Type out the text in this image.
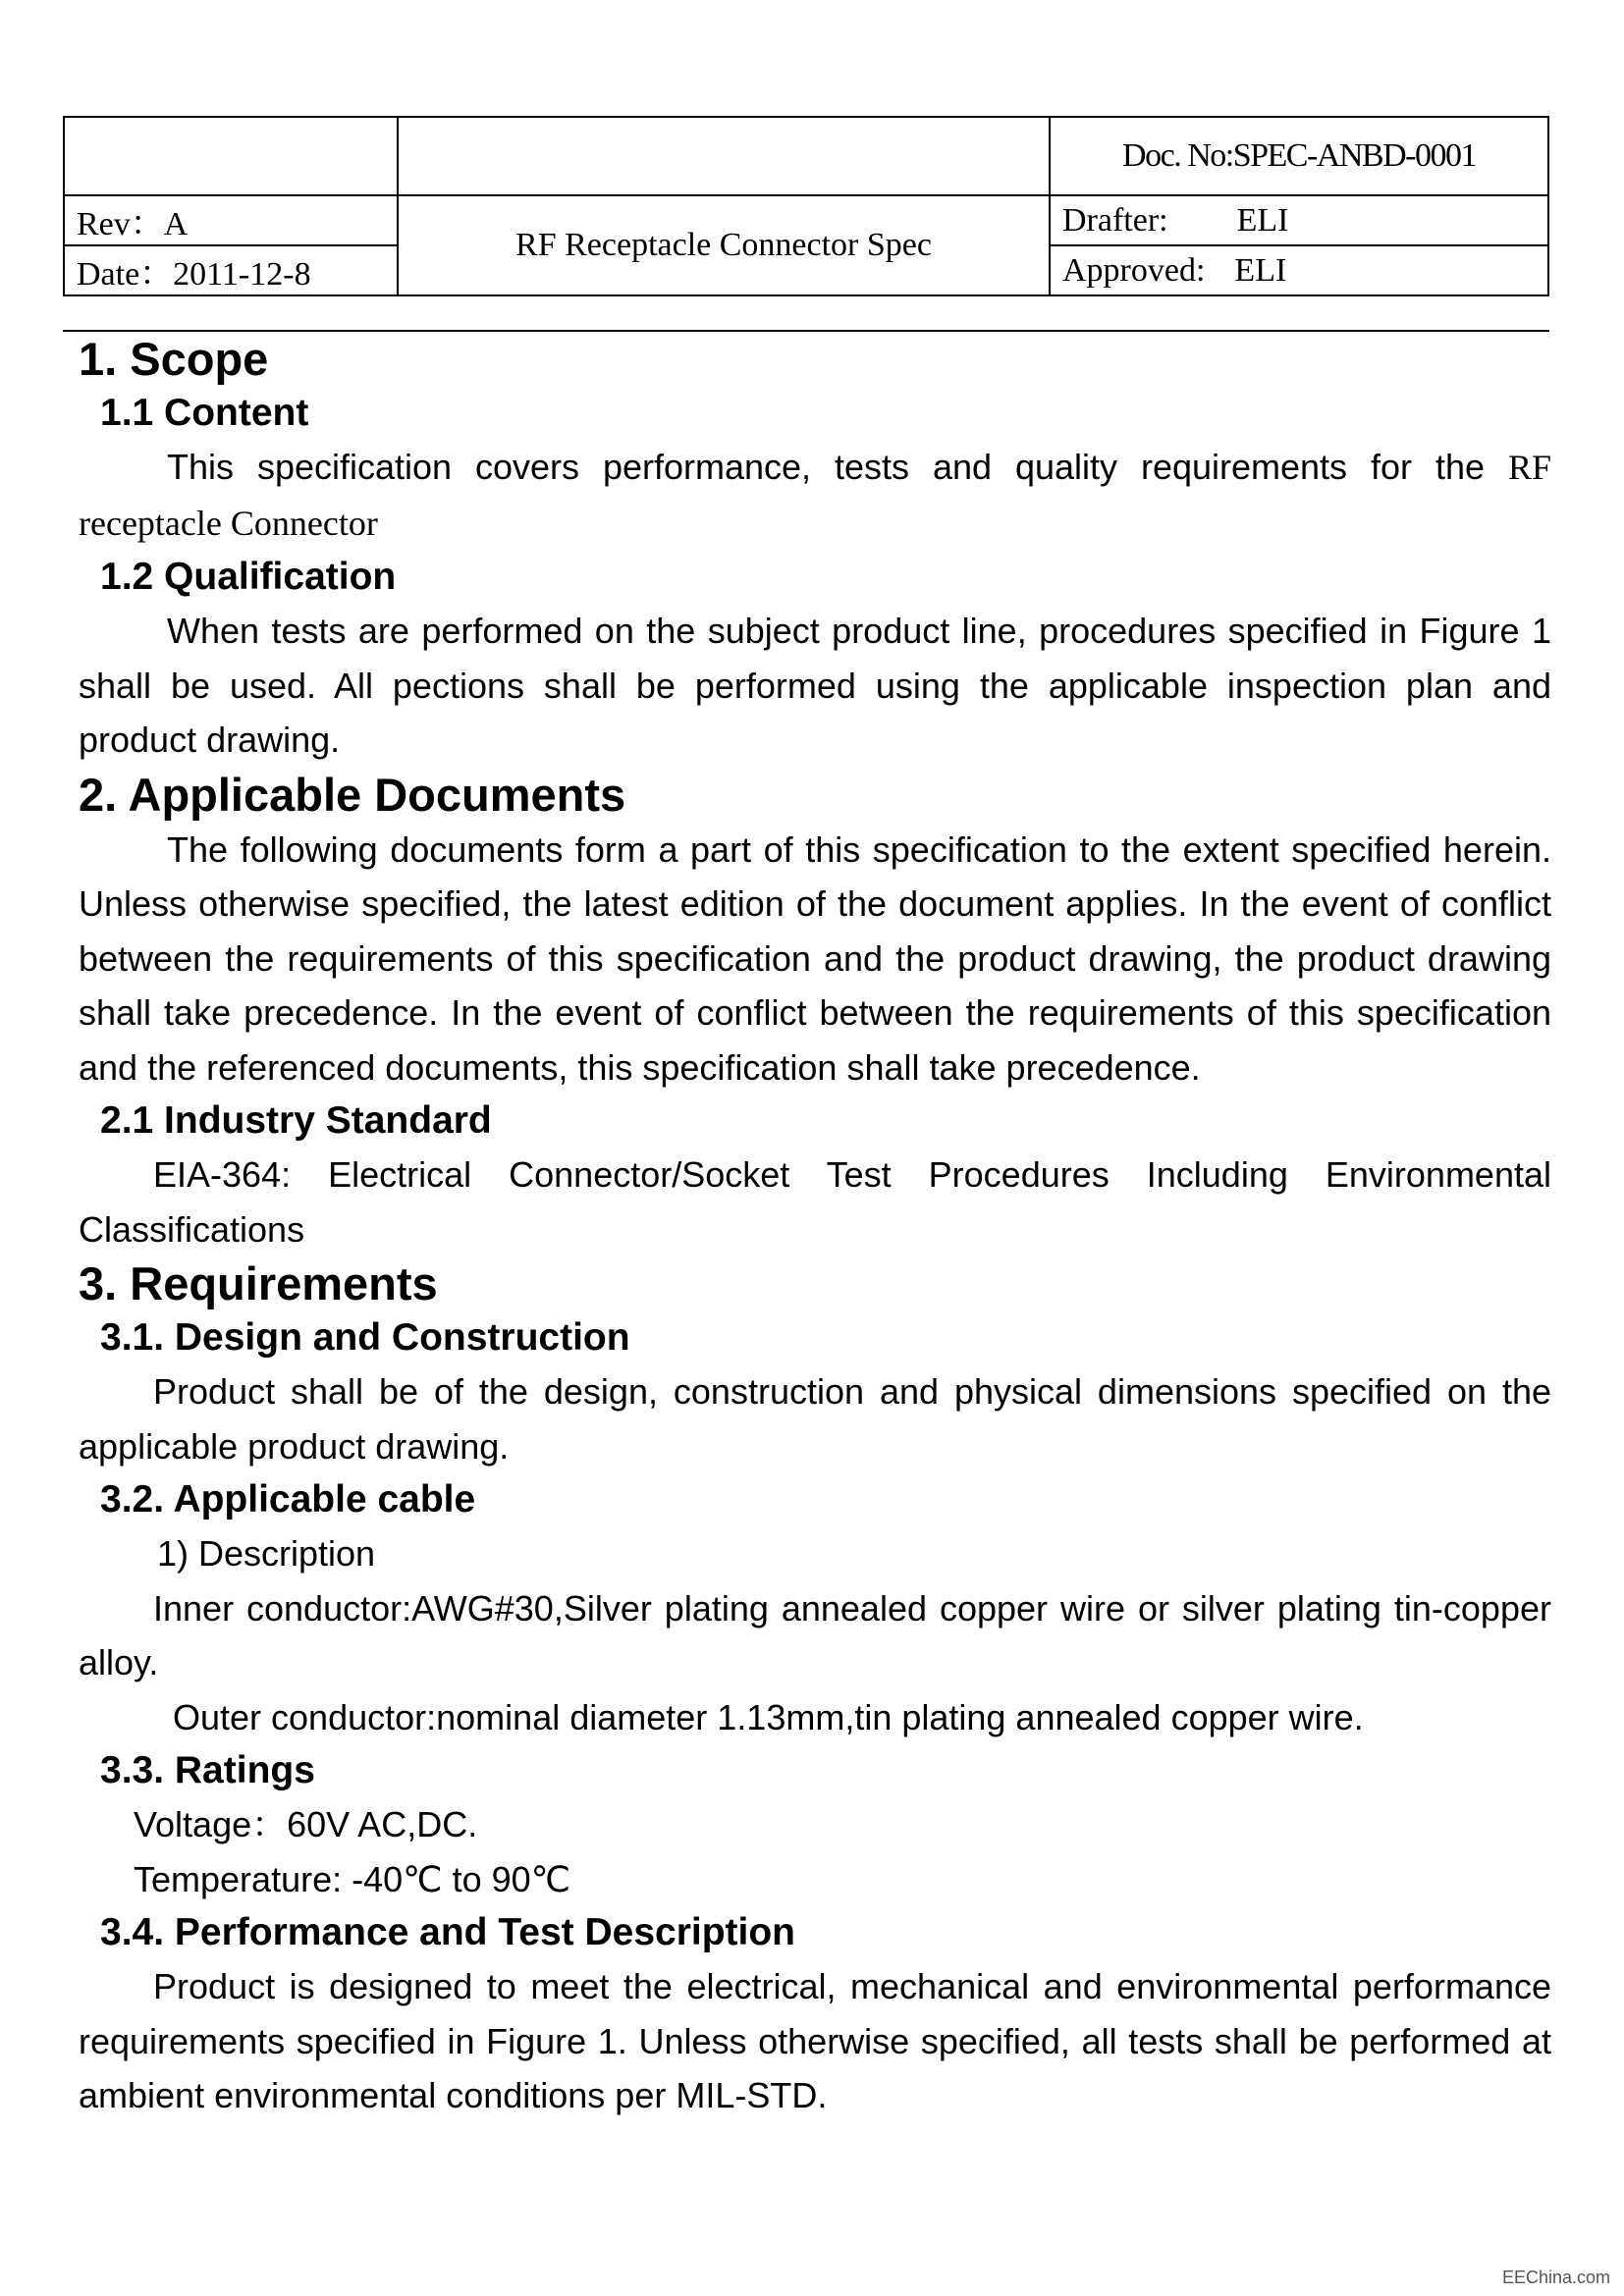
		Doc. No:SPEC-ANBD-0001
Rev：A	RF Receptacle Connector Spec	Drafter: ELI
Date：2011-12-8		Approved: ELI
1. Scope
1.1 Content

This specification covers performance, tests and quality requirements for the RF receptacle Connector

1.2 Qualification

When tests are performed on the subject product line, procedures specified in Figure 1 shall be used. All pections shall be performed using the applicable inspection plan and product drawing.

2. Applicable Documents

The following documents form a part of this specification to the extent specified herein. Unless otherwise specified, the latest edition of the document applies. In the event of conflict between the requirements of this specification and the product drawing, the product drawing shall take precedence. In the event of conflict between the requirements of this specification and the referenced documents, this specification shall take precedence.

2.1 Industry Standard

EIA-364: Electrical Connector/Socket Test Procedures Including Environmental Classifications

3. Requirements
3.1. Design and Construction

Product shall be of the design, construction and physical dimensions specified on the applicable product drawing.

3.2. Applicable cable

1) Description

Inner conductor:AWG#30,Silver plating annealed copper wire or silver plating tin-copper alloy.

Outer conductor:nominal diameter 1.13mm,tin plating annealed copper wire.

3.3. Ratings

Voltage：60V AC,DC.

Temperature: -40℃ to 90℃

3.4. Performance and Test Description

Product is designed to meet the electrical, mechanical and environmental performance requirements specified in Figure 1. Unless otherwise specified, all tests shall be performed at ambient environmental conditions per MIL-STD.

EEChina.com
